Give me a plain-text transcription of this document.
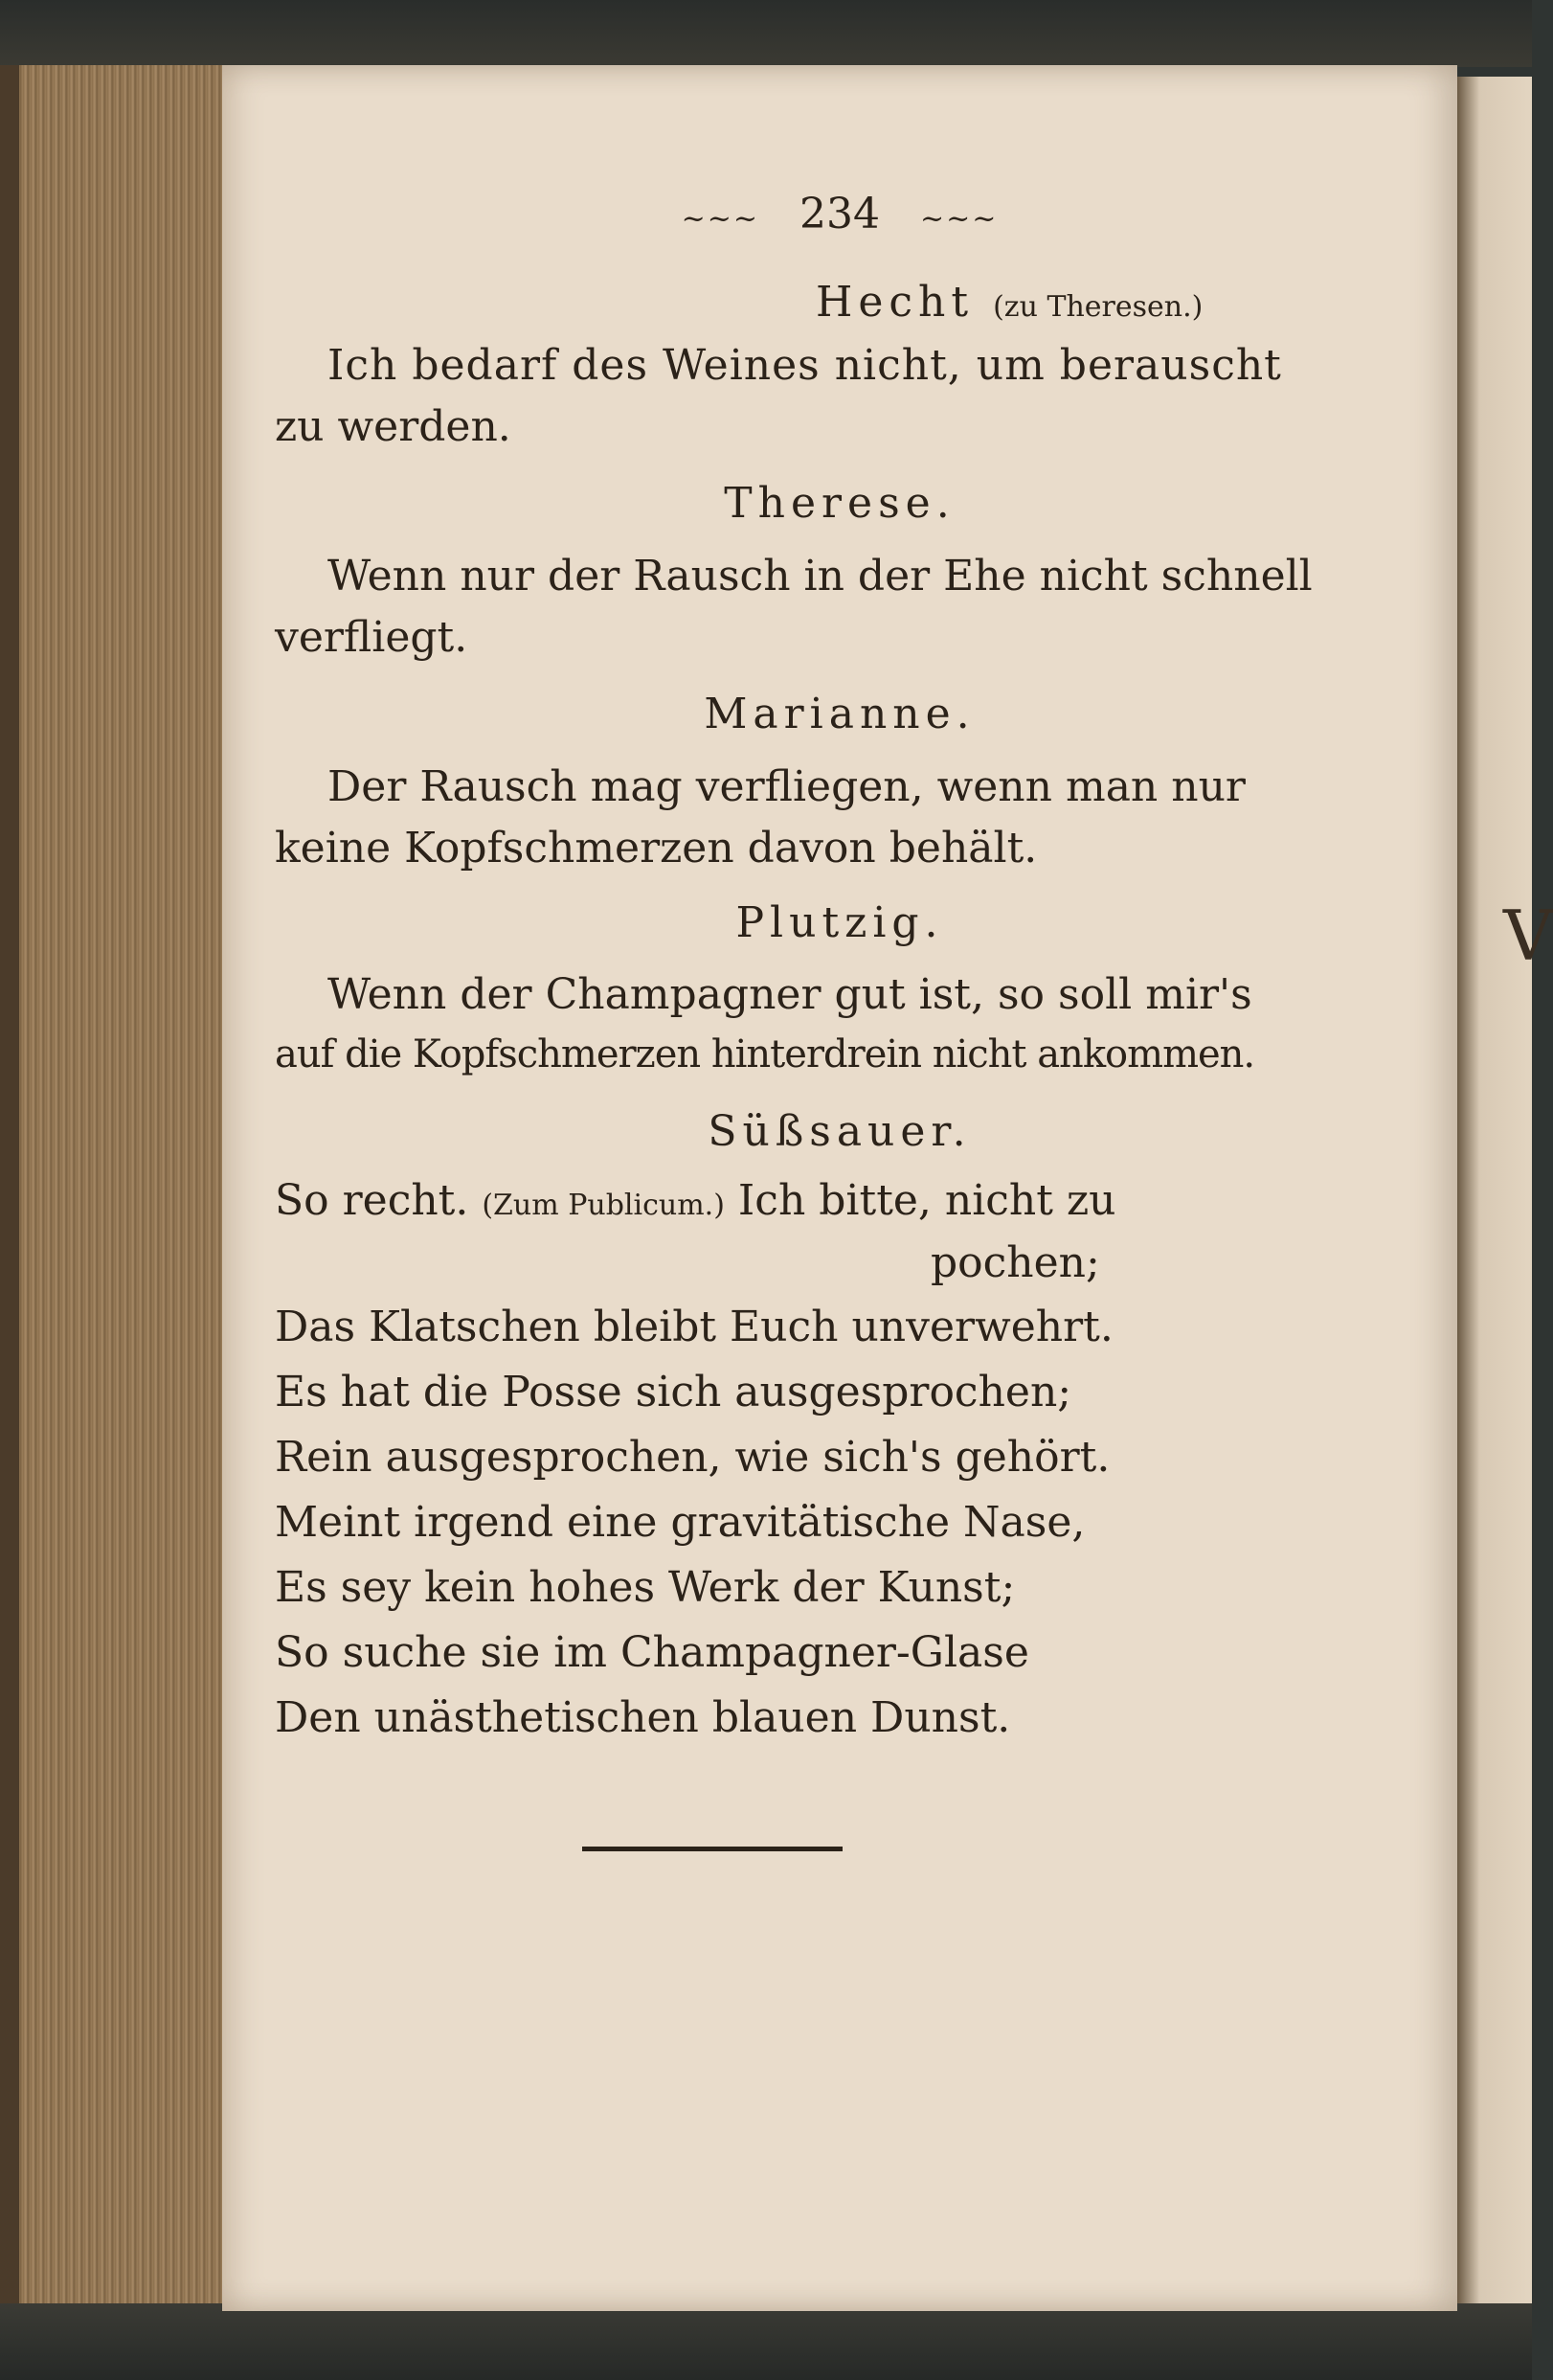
V
~~~ 234 ~~~
Hecht (zu Theresen.)
Ich bedarf des Weines nicht, um berauscht
zu werden.
Therese.
Wenn nur der Rausch in der Ehe nicht schnell
verfliegt.
Marianne.
Der Rausch mag verfliegen, wenn man nur
keine Kopfschmerzen davon behält.
Plutzig.
Wenn der Champagner gut ist, so soll mir's
auf die Kopfschmerzen hinterdrein nicht ankommen.
Süßsauer.
So recht. (Zum Publicum.) Ich bitte, nicht zu
pochen;
Das Klatschen bleibt Euch unverwehrt.
Es hat die Posse sich ausgesprochen;
Rein ausgesprochen, wie sich's gehört.
Meint irgend eine gravitätische Nase,
Es sey kein hohes Werk der Kunst;
So suche sie im Champagner-Glase
Den unästhetischen blauen Dunst.
